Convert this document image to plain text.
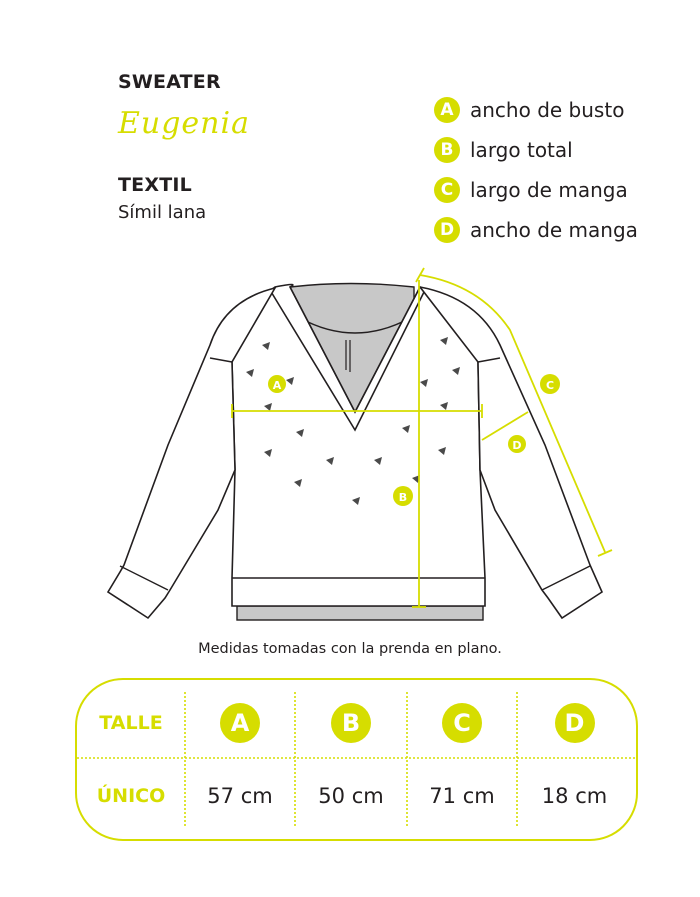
SWEATER
Eugenia
TEXTIL
Símil lana
A ancho de busto
B largo total
C largo de manga
D ancho de manga
A
B
C
D
Medidas tomadas con la prenda en plano.
TALLE	A	B	C	D
ÚNICO	57 cm	50 cm	71 cm	18 cm
